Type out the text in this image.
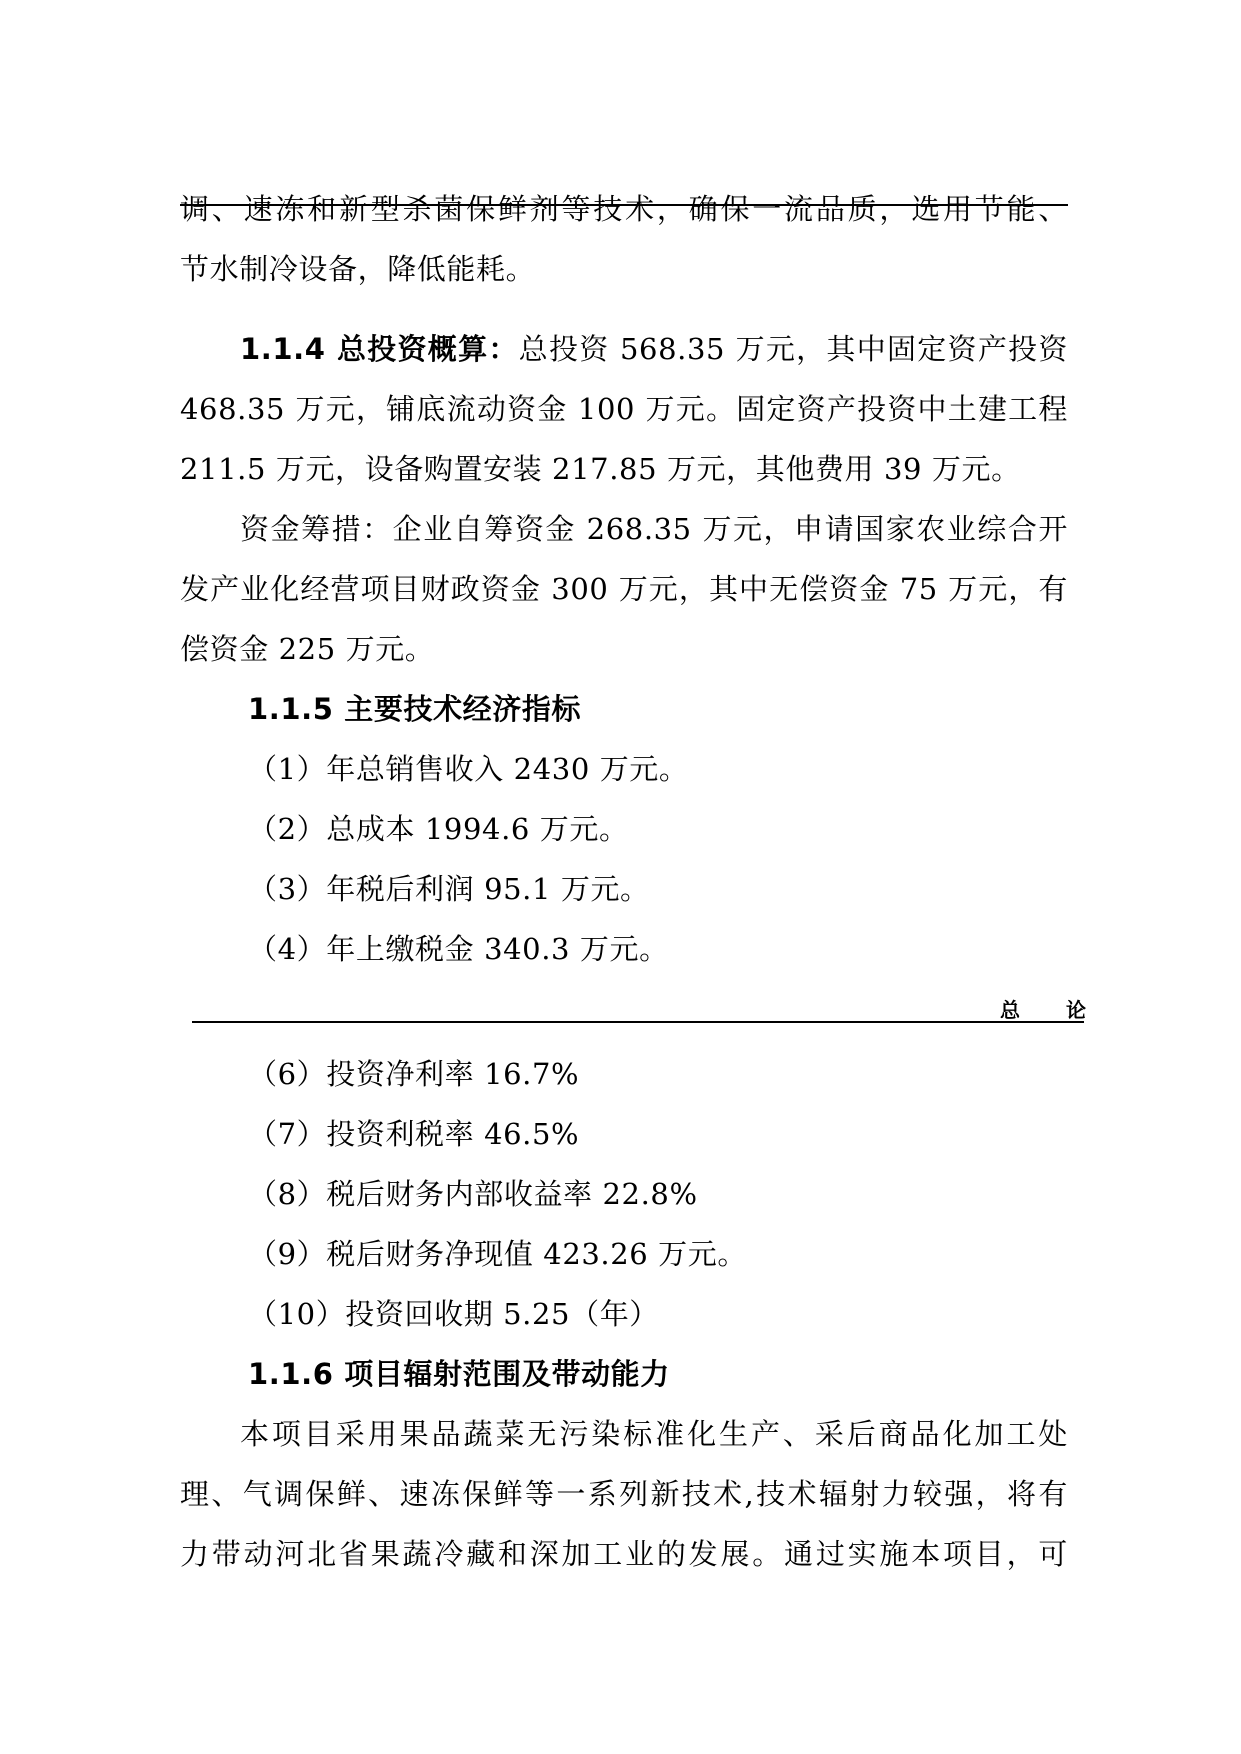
调、速冻和新型杀菌保鲜剂等技术，确保一流品质，选用节能、
节水制冷设备，降低能耗。
1.1.4 总投资概算：总投资 568.35 万元，其中固定资产投资
468.35 万元，铺底流动资金 100 万元。固定资产投资中土建工程
211.5 万元，设备购置安装 217.85 万元，其他费用 39 万元。
资金筹措：企业自筹资金 268.35 万元，申请国家农业综合开
发产业化经营项目财政资金 300 万元，其中无偿资金 75 万元，有
偿资金 225 万元。
1.1.5 主要技术经济指标
（1）年总销售收入 2430 万元。
（2）总成本 1994.6 万元。
（3）年税后利润 95.1 万元。
（4）年上缴税金 340.3 万元。
总 论
（6）投资净利率 16.7%
（7）投资利税率 46.5%
（8）税后财务内部收益率 22.8%
（9）税后财务净现值 423.26 万元。
（10）投资回收期 5.25（年）
1.1.6 项目辐射范围及带动能力
本项目采用果品蔬菜无污染标准化生产、采后商品化加工处
理、气调保鲜、速冻保鲜等一系列新技术,技术辐射力较强，将有
力带动河北省果蔬冷藏和深加工业的发展。通过实施本项目，可
